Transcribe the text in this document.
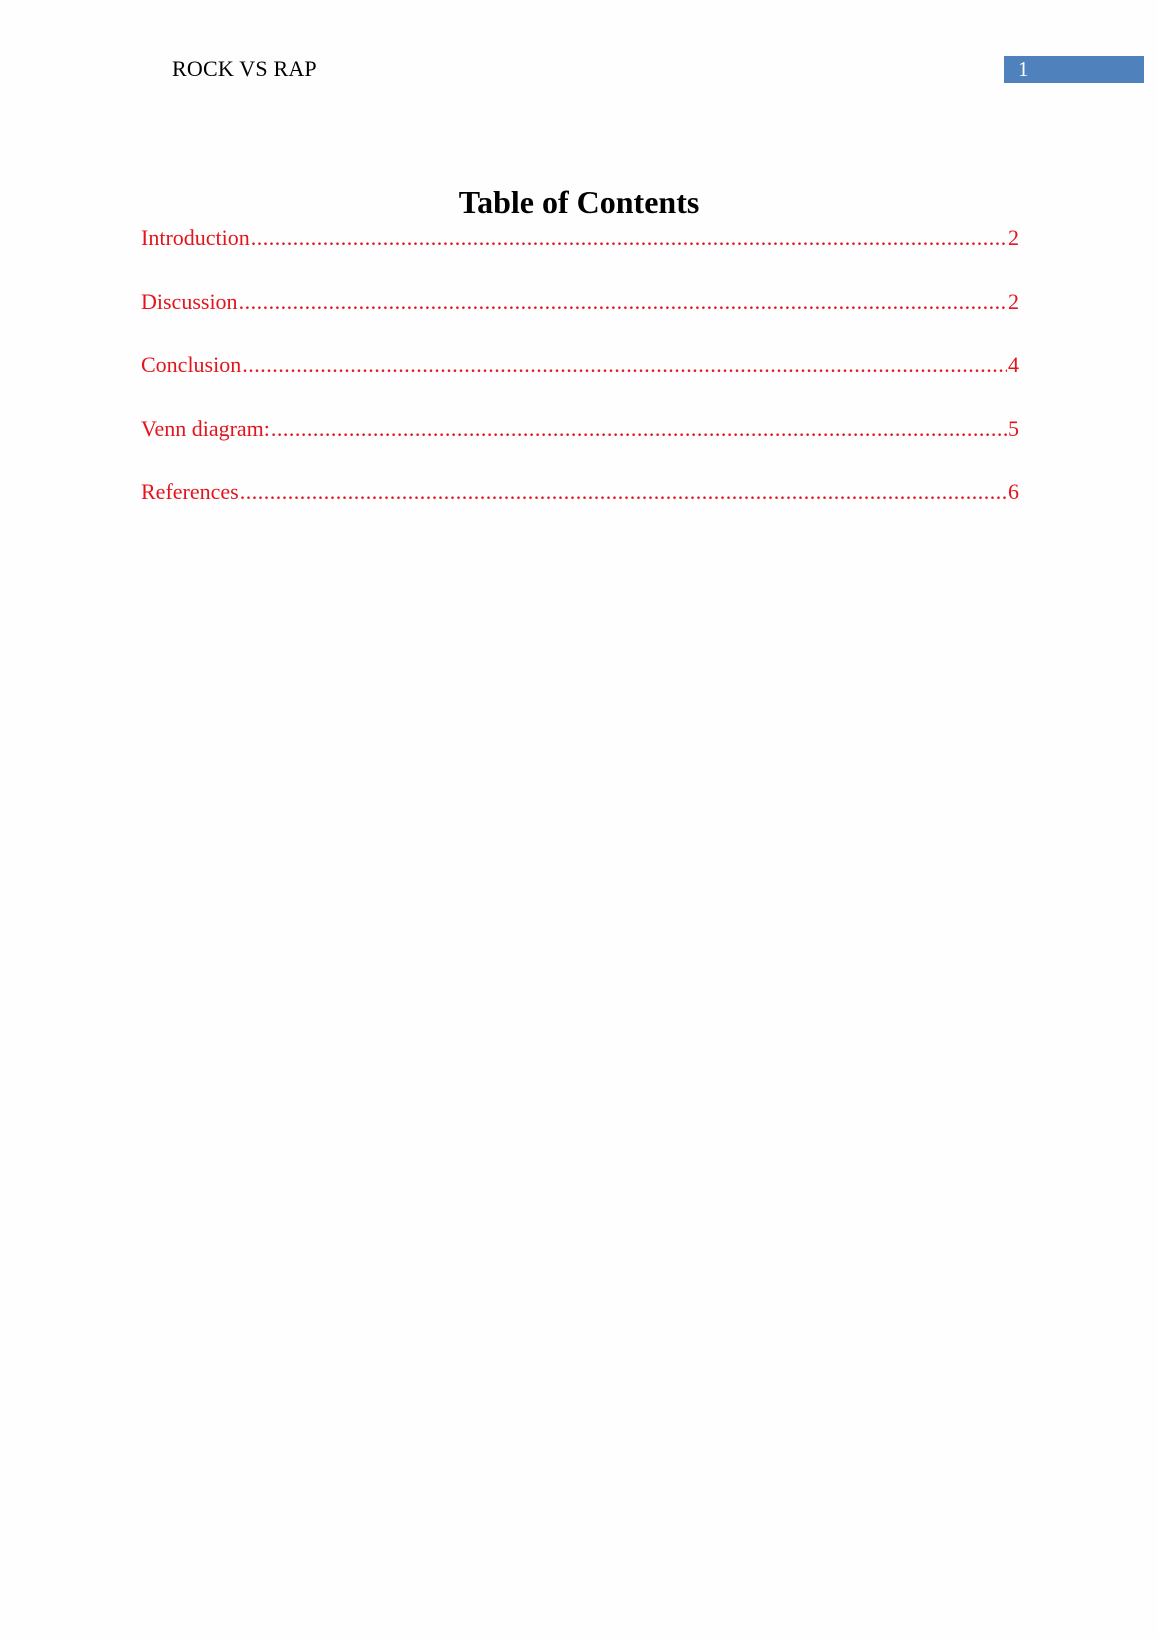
ROCK VS RAP	1
Table of Contents
Introduction .....	2
Discussion .....	2
Conclusion .....	4
Venn diagram: .....	5
References .....	6
